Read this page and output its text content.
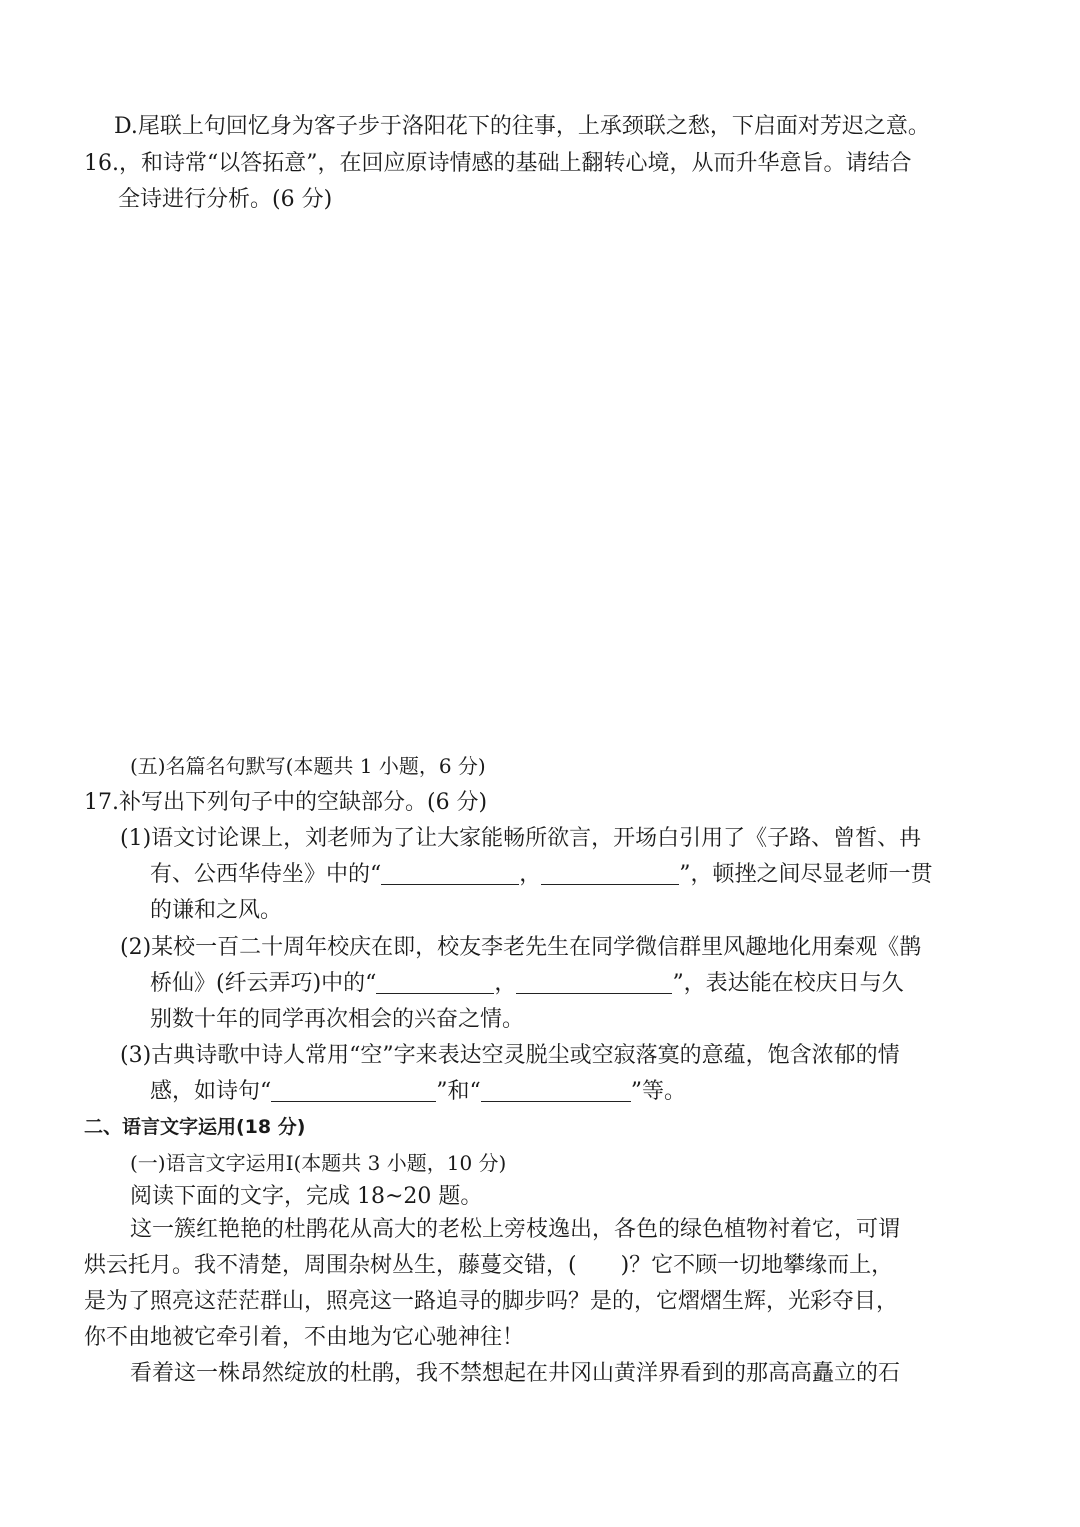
D.尾联上句回忆身为客子步于洛阳花下的往事，上承颈联之愁，下启面对芳迟之意。
16.，和诗常“以答拓意”，在回应原诗情感的基础上翻转心境，从而升华意旨。请结合
全诗进行分析。(6 分)
(五)名篇名句默写(本题共 1 小题，6 分)
17.补写出下列句子中的空缺部分。(6 分)
(1)语文讨论课上，刘老师为了让大家能畅所欲言，开场白引用了《子路、曾皙、冉
有、公西华侍坐》中的“	，	”，顿挫之间尽显老师一贯
的谦和之风。
(2)某校一百二十周年校庆在即，校友李老先生在同学微信群里风趣地化用秦观《鹊
桥仙》(纤云弄巧)中的“	，	”，表达能在校庆日与久
别数十年的同学再次相会的兴奋之情。
(3)古典诗歌中诗人常用“空”字来表达空灵脱尘或空寂落寞的意蕴，饱含浓郁的情
感，如诗句“	”和“	”等。
二、语言文字运用(18 分)
(一)语言文字运用Ⅰ(本题共 3 小题，10 分)
阅读下面的文字，完成 18~20 题。
这一簇红艳艳的杜鹃花从高大的老松上旁枝逸出，各色的绿色植物衬着它，可谓
烘云托月。我不清楚，周围杂树丛生，藤蔓交错，(　　)？它不顾一切地攀缘而上，
是为了照亮这茫茫群山，照亮这一路追寻的脚步吗？是的，它熠熠生辉，光彩夺目，
你不由地被它牵引着，不由地为它心驰神往！
看着这一株昂然绽放的杜鹃，我不禁想起在井冈山黄洋界看到的那高高矗立的石
